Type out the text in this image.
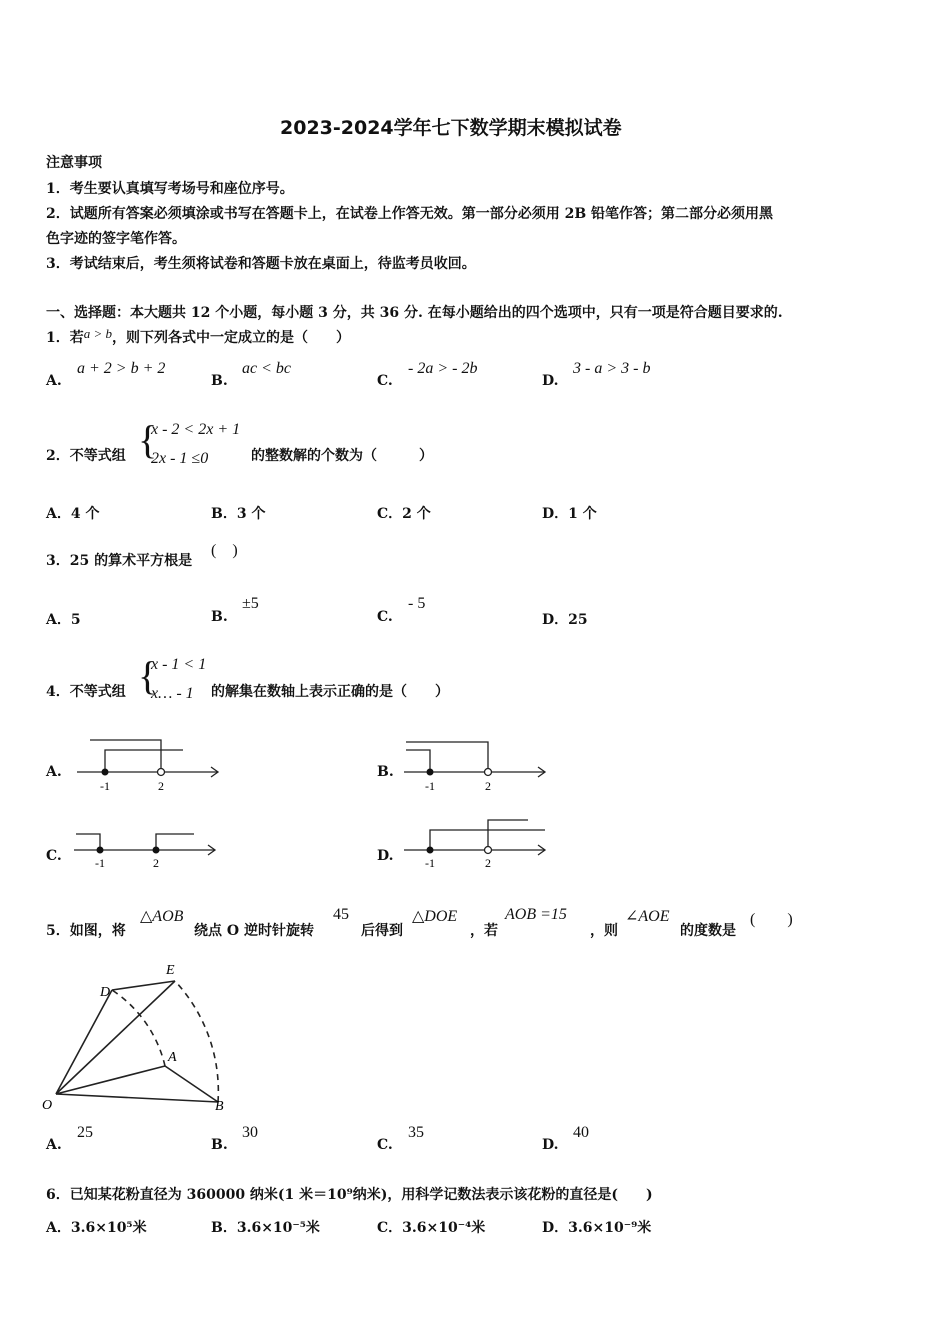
2023-2024学年七下数学期末模拟试卷
注意事项
1．考生要认真填写考场号和座位序号。
2．试题所有答案必须填涂或书写在答题卡上，在试卷上作答无效。第一部分必须用 2B 铅笔作答；第二部分必须用黑
色字迹的签字笔作答。
3．考试结束后，考生须将试卷和答题卡放在桌面上，待监考员收回。
一、选择题：本大题共 12 个小题，每小题 3 分，共 36 分. 在每小题给出的四个选项中，只有一项是符合题目要求的.
1．若a > b，则下列各式中一定成立的是（　　）
A.
a + 2 > b + 2
B.
ac < bc
C.
- 2a > - 2b
D.
3 - a > 3 - b
2．不等式组 {
x - 2 < 2x + 1
2x - 1 ≤0	的整数解的个数为（　　　）
A．4 个	B．3 个	C．2 个	D．1 个
3．25 的算术平方根是
(　)
A．5	B.
±5
C.
- 5
D．25
4．不等式组 {
x - 1 < 1
x… - 1 的解集在数轴上表示正确的是（　　）
A.
-1	2
B.
-1	2
C.	-1	2	D.	-1	2
5．如图，将
△AOB
绕点 O 逆时针旋转
45
后得到
△DOE
，若
AOB =15
，则
∠AOE
的度数是
(　　)
O	B
A
D
E
A.
25
B.
30
C.
35
D.
40
6．已知某花粉直径为 360000 纳米(1 米＝10⁹纳米)，用科学记数法表示该花粉的直径是(　　)
A．3.6×10⁵米	B．3.6×10⁻⁵米	C．3.6×10⁻⁴米	D．3.6×10⁻⁹米
